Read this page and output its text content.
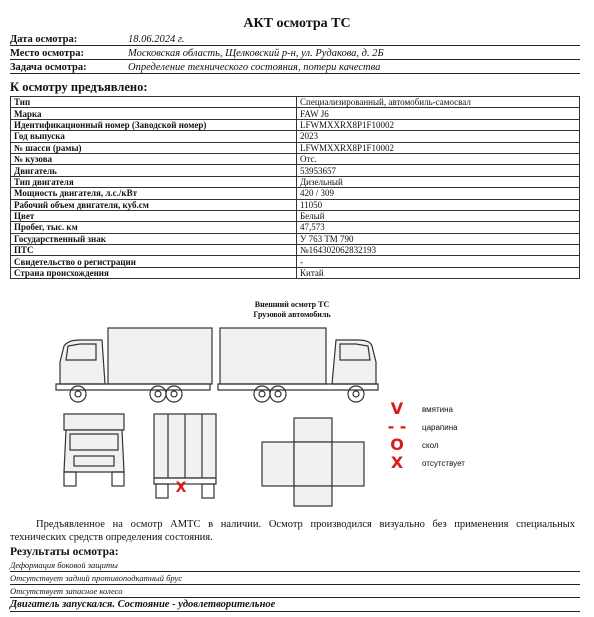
АКТ осмотра ТС
Дата осмотра:	18.06.2024 г.
Место осмотра:	Московская область, Щелковский р-н, ул. Рудакова, д. 2Б
Задача осмотра:	Определение технического состояния, потери качества
К осмотру предъявлено:
Тип	Специализированный, автомобиль-самосвал
Марка	FAW J6
Идентификационный номер (Заводской номер)	LFWMXXRX8P1F10002
Год выпуска	2023
№ шасси (рамы)	LFWMXXRX8P1F10002
№ кузова	Отс.
Двигатель	53953657
Тип двигателя	Дизельный
Мощность двигателя, л.с./кВт	420 / 309
Рабочий объем двигателя, куб.см	11050
Цвет	Белый
Пробег, тыс. км	47,573
Государственный знак	У 763 ТМ 790
ПТС	№164302062832193
Свидетельство о регистрации	-
Страна происхождения	Китай
Внешний осмотр ТС
Грузовой автомобиль
X
V	вмятина
- - царапина
O	скол
X	отсутствует
Предъявленное на осмотр АМТС в наличии. Осмотр производился визуально без применения специальных технических средств определения состояния.
Результаты осмотра:
Деформация боковой защиты
Отсутствует задний противоподкатный брус
Отсутствует запасное колесо
Двигатель запускался. Состояние - удовлетворительное
